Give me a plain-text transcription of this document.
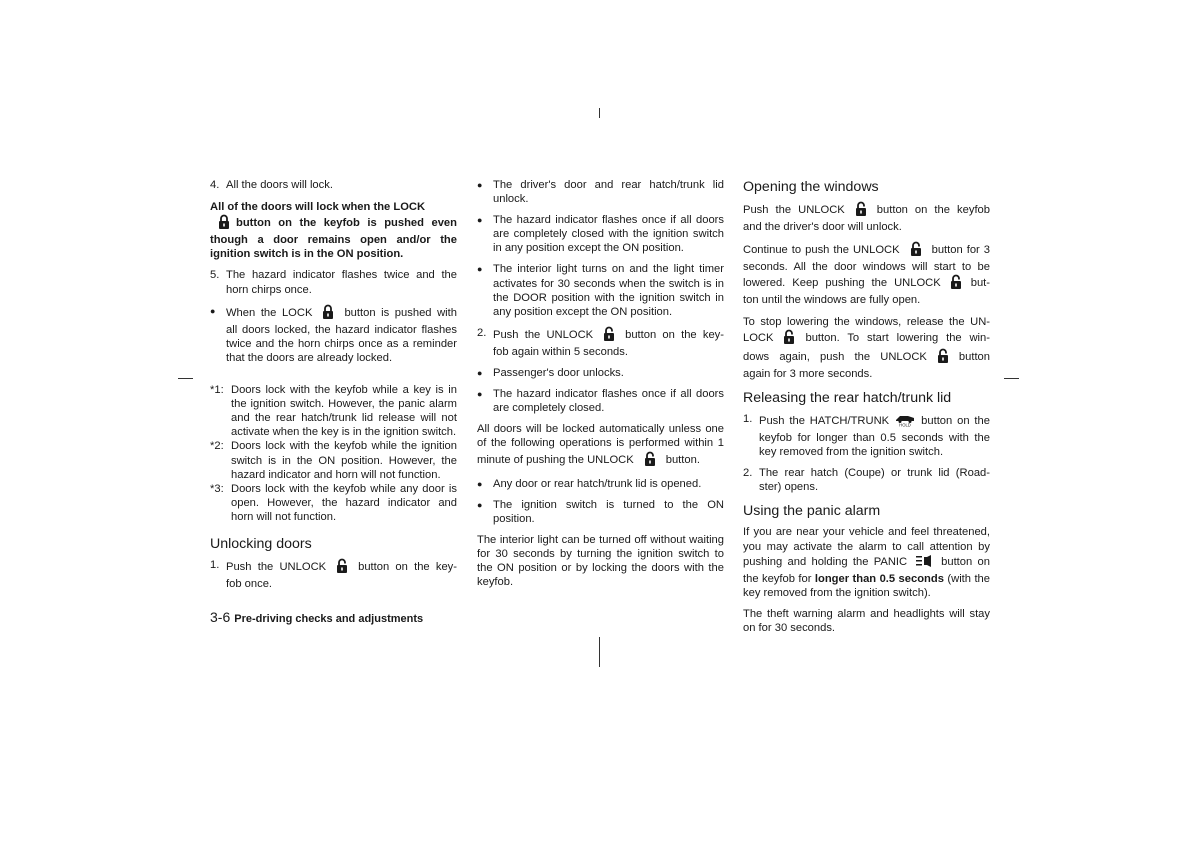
4. All the doors will lock.

All of the doors will lock when the LOCK
button on the keyfob is pushed even though a door remains open and/or the ignition switch is in the ON position.

5. The hazard indicator flashes twice and the horn chirps once.
● When the LOCK	button is pushed with all doors locked, the hazard indicator flashes twice and the horn chirps once as a reminder that the doors are already locked.
*1: Doors lock with the keyfob while a key is in the ignition switch. However, the panic alarm and the rear hatch/trunk lid release will not activate when the key is in the ignition switch.
*2: Doors lock with the keyfob while the ignition switch is in the ON position. However, the hazard indicator and horn will not function.
*3: Doors lock with the keyfob while any door is open. However, the hazard indicator and horn will not function.
Unlocking doors
1. Push the UNLOCK	button on the key-fob once.
● The driver's door and rear hatch/trunk lid unlock.
● The hazard indicator flashes once if all doors are completely closed with the ignition switch in any position except the ON position.
● The interior light turns on and the light timer activates for 30 seconds when the switch is in the DOOR position with the ignition switch in any position except the ON position.
2. Push the UNLOCK	button on the key-fob again within 5 seconds.
● Passenger's door unlocks.
● The hazard indicator flashes once if all doors are completely closed.

All doors will be locked automatically unless one of the following operations is performed within 1 minute of pushing the UNLOCK	button.

● Any door or rear hatch/trunk lid is opened.
● The ignition switch is turned to the ON position.

The interior light can be turned off without waiting for 30 seconds by turning the ignition switch to the ON position or by locking the doors with the keyfob.

Opening the windows

Push the UNLOCK	button on the keyfob and the driver's door will unlock.

Continue to push the UNLOCK	button for 3 seconds. All the door windows will start to be lowered. Keep pushing the UNLOCK	but-ton until the windows are fully open.

To stop lowering the windows, release the UN-LOCK	button. To start lowering the win-dows again, push the UNLOCK	button again for 3 more seconds.

Releasing the rear hatch/trunk lid
1. Push the HATCH/TRUNK HOLD button on the keyfob for longer than 0.5 seconds with the key removed from the ignition switch.
2. The rear hatch (Coupe) or trunk lid (Road-ster) opens.
Using the panic alarm

If you are near your vehicle and feel threatened, you may activate the alarm to call attention by pushing and holding the PANIC	button on the keyfob for longer than 0.5 seconds (with the key removed from the ignition switch).

The theft warning alarm and headlights will stay on for 30 seconds.

3-6 Pre-driving checks and adjustments
